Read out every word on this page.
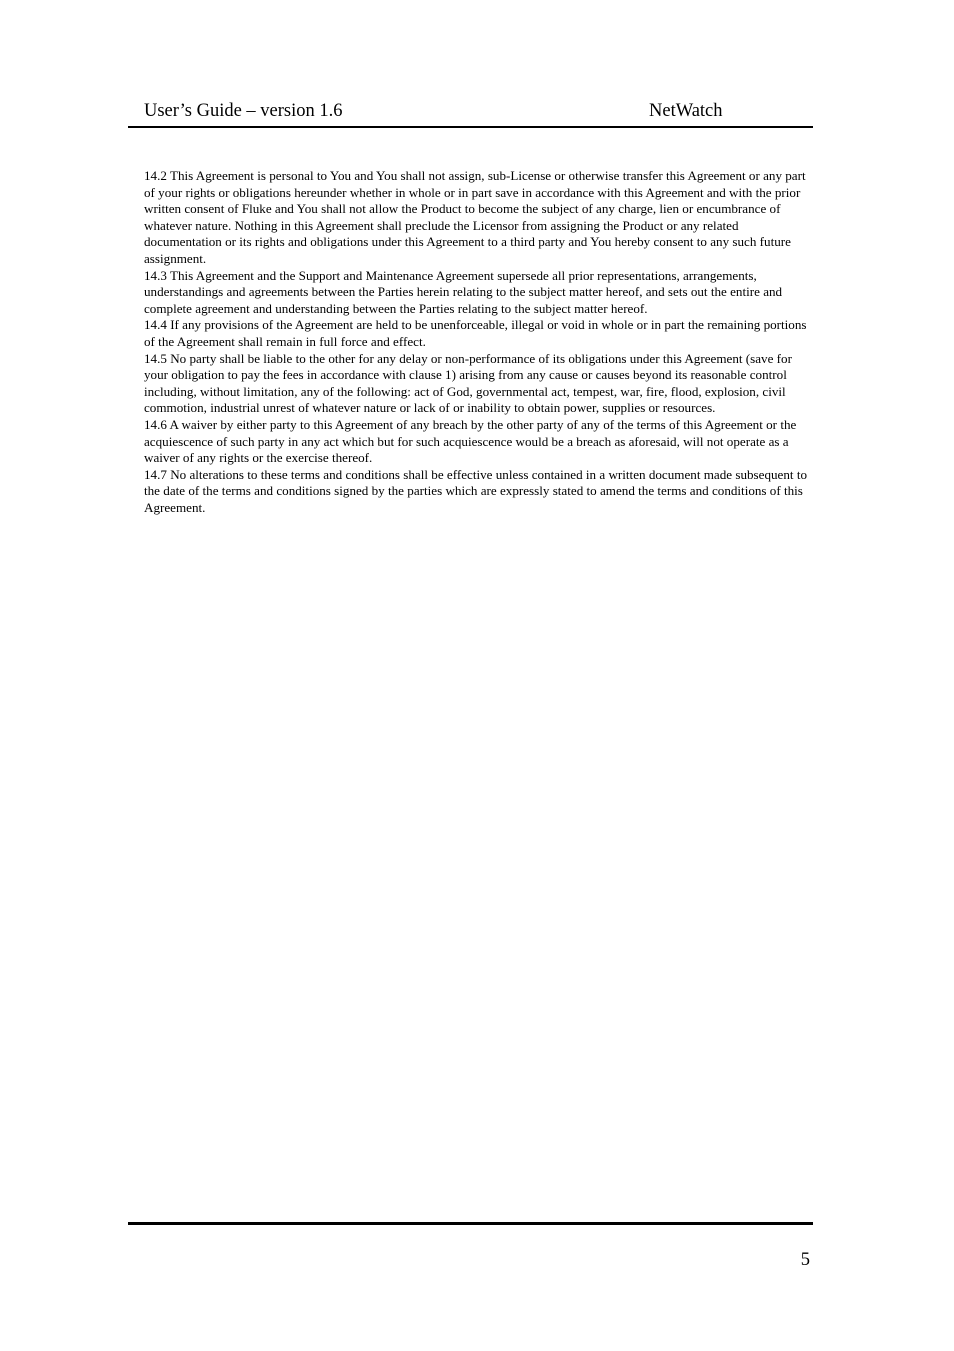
User’s Guide – version 1.6	NetWatch

14.2 This Agreement is personal to You and You shall not assign, sub-License or otherwise transfer this Agreement or any part of your rights or obligations hereunder whether in whole or in part save in accordance with this Agreement and with the prior written consent of Fluke and You shall not allow the Product to become the subject of any charge, lien or encumbrance of whatever nature. Nothing in this Agreement shall preclude the Licensor from assigning the Product or any related documentation or its rights and obligations under this Agreement to a third party and You hereby consent to any such future assignment.

14.3 This Agreement and the Support and Maintenance Agreement supersede all prior representations, arrangements, understandings and agreements between the Parties herein relating to the subject matter hereof, and sets out the entire and complete agreement and understanding between the Parties relating to the subject matter hereof.

14.4 If any provisions of the Agreement are held to be unenforceable, illegal or void in whole or in part the remaining portions of the Agreement shall remain in full force and effect.

14.5 No party shall be liable to the other for any delay or non-performance of its obligations under this Agreement (save for your obligation to pay the fees in accordance with clause 1) arising from any cause or causes beyond its reasonable control including, without limitation, any of the following: act of God, governmental act, tempest, war, fire, flood, explosion, civil commotion, industrial unrest of whatever nature or lack of or inability to obtain power, supplies or resources.

14.6 A waiver by either party to this Agreement of any breach by the other party of any of the terms of this Agreement or the acquiescence of such party in any act which but for such acquiescence would be a breach as aforesaid, will not operate as a waiver of any rights or the exercise thereof.

14.7 No alterations to these terms and conditions shall be effective unless contained in a written document made subsequent to the date of the terms and conditions signed by the parties which are expressly stated to amend the terms and conditions of this Agreement.

5
